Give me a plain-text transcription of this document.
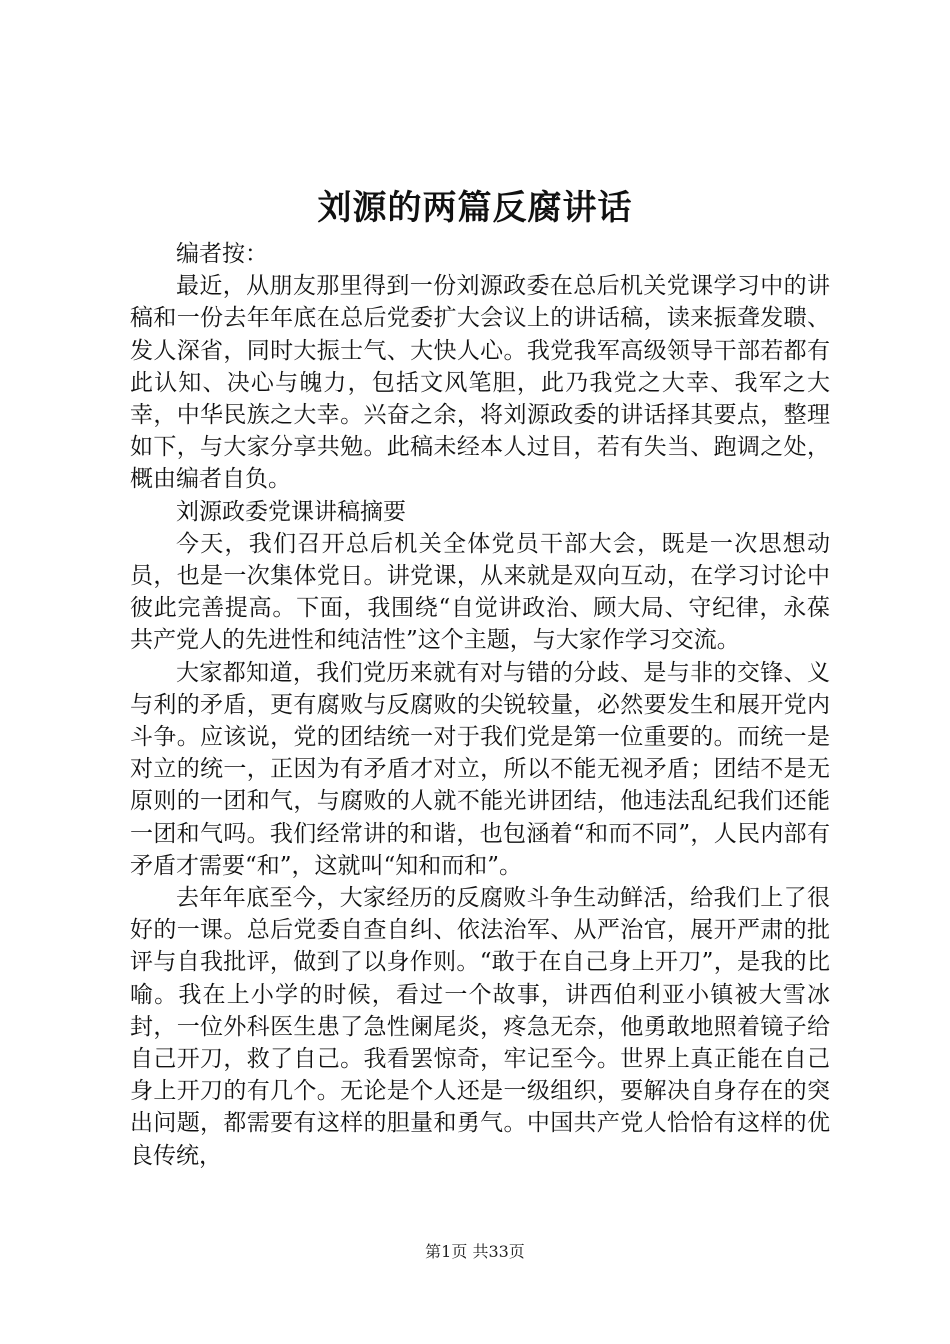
刘源的两篇反腐讲话

编者按：

最近，从朋友那里得到一份刘源政委在总后机关党课学习中的讲稿和一份去年年底在总后党委扩大会议上的讲话稿，读来振聋发聩、发人深省，同时大振士气、大快人心。我党我军高级领导干部若都有此认知、决心与魄力，包括文风笔胆，此乃我党之大幸、我军之大幸，中华民族之大幸。兴奋之余，将刘源政委的讲话择其要点，整理如下，与大家分享共勉。此稿未经本人过目，若有失当、跑调之处，概由编者自负。

刘源政委党课讲稿摘要

今天，我们召开总后机关全体党员干部大会，既是一次思想动员，也是一次集体党日。讲党课，从来就是双向互动，在学习讨论中彼此完善提高。下面，我围绕“自觉讲政治、顾大局、守纪律，永葆共产党人的先进性和纯洁性”这个主题，与大家作学习交流。

大家都知道，我们党历来就有对与错的分歧、是与非的交锋、义与利的矛盾，更有腐败与反腐败的尖锐较量，必然要发生和展开党内斗争。应该说，党的团结统一对于我们党是第一位重要的。而统一是对立的统一，正因为有矛盾才对立，所以不能无视矛盾；团结不是无原则的一团和气，与腐败的人就不能光讲团结，他违法乱纪我们还能一团和气吗。我们经常讲的和谐，也包涵着“和而不同”，人民内部有矛盾才需要“和”，这就叫“知和而和”。

去年年底至今，大家经历的反腐败斗争生动鲜活，给我们上了很好的一课。总后党委自查自纠、依法治军、从严治官，展开严肃的批评与自我批评，做到了以身作则。“敢于在自己身上开刀”，是我的比喻。我在上小学的时候，看过一个故事，讲西伯利亚小镇被大雪冰封，一位外科医生患了急性阑尾炎，疼急无奈，他勇敢地照着镜子给自己开刀，救了自己。我看罢惊奇，牢记至今。世界上真正能在自己身上开刀的有几个。无论是个人还是一级组织，要解决自身存在的突出问题，都需要有这样的胆量和勇气。中国共产党人恰恰有这样的优良传统，

第1页 共33页
